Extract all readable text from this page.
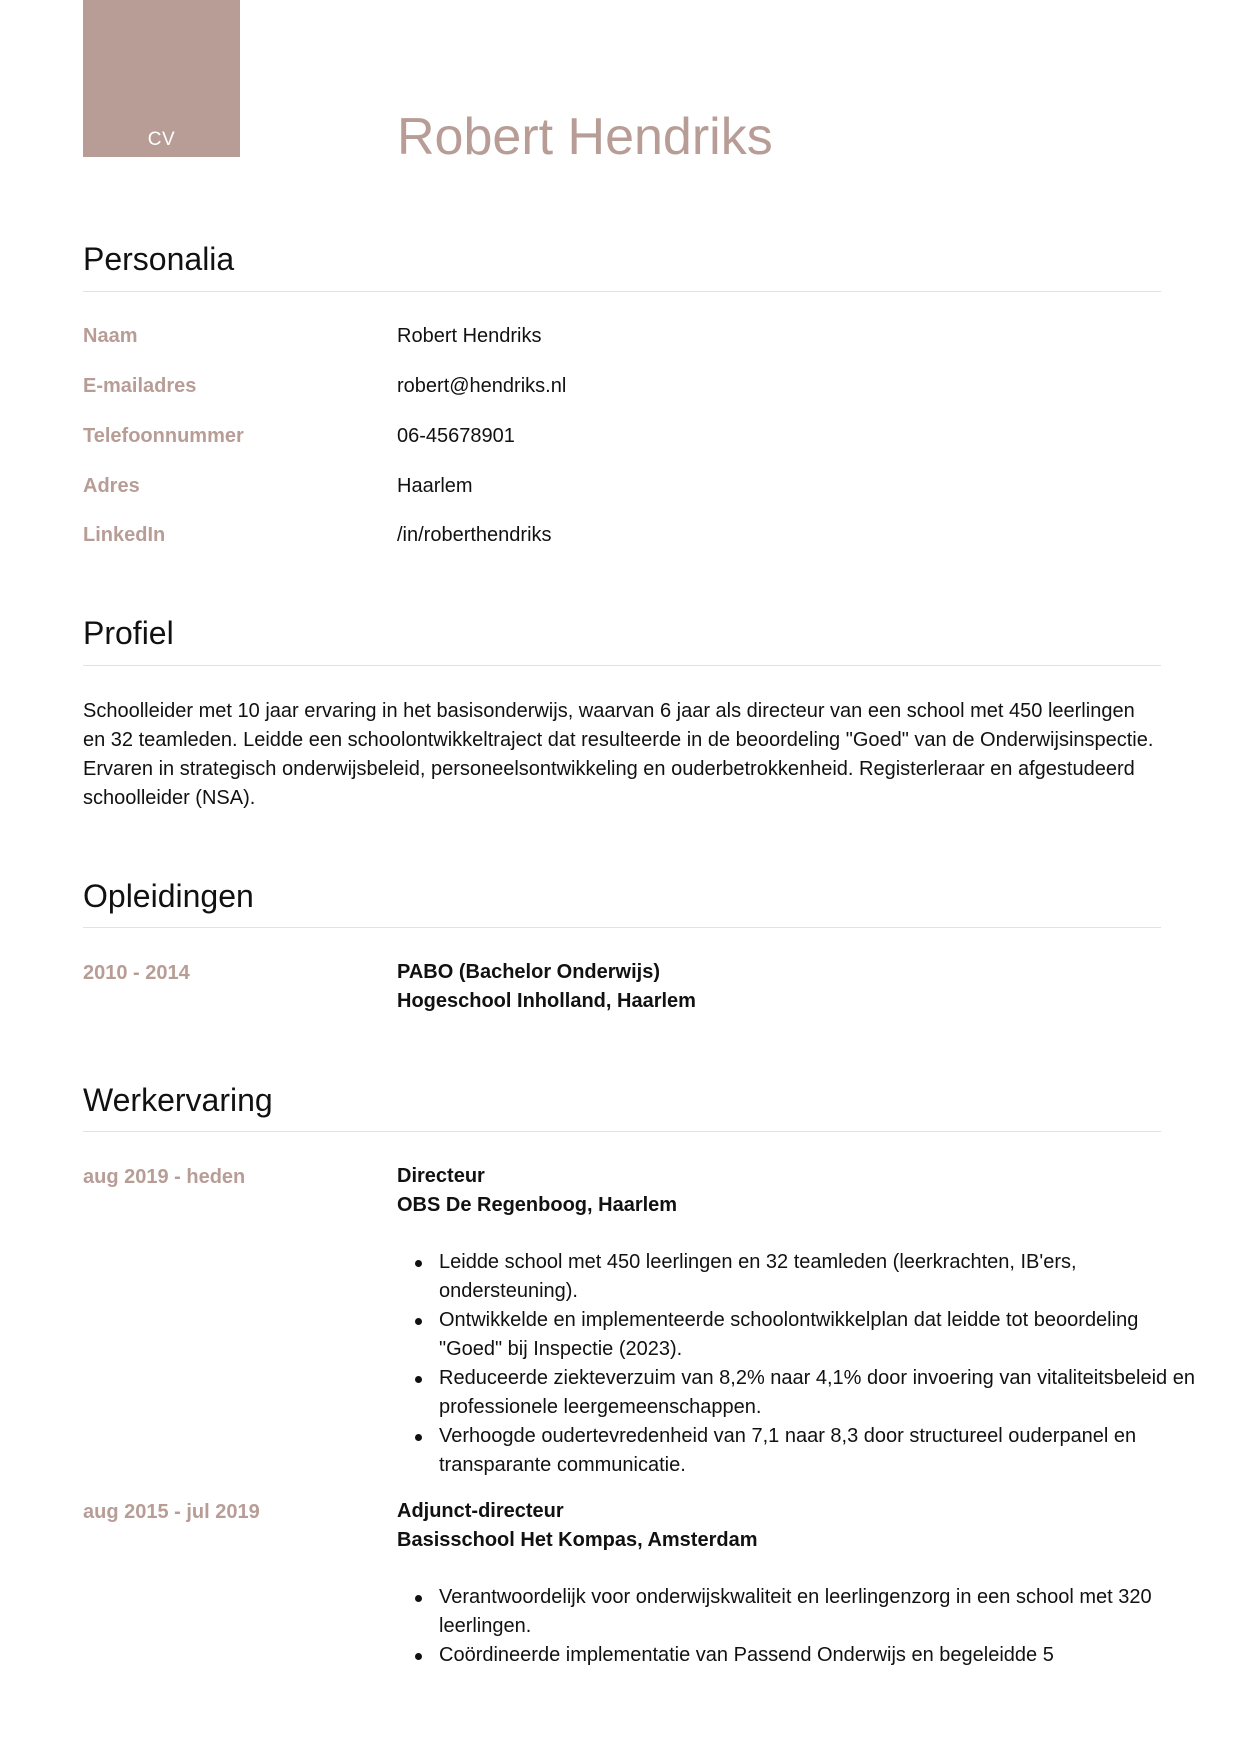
CV	Robert Hendriks
Personalia
Naam	Robert Hendriks
E-mailadres	robert@hendriks.nl
Telefoonnummer	06-45678901
Adres	Haarlem
LinkedIn	/in/roberthendriks
Profiel

Schoolleider met 10 jaar ervaring in het basisonderwijs, waarvan 6 jaar als directeur van een school met 450 leerlingen en 32 teamleden. Leidde een schoolontwikkeltraject dat resulteerde in de beoordeling "Goed" van de Onderwijsinspectie. Ervaren in strategisch onderwijsbeleid, personeelsontwikkeling en ouderbetrokkenheid. Registerleraar en afgestudeerd schoolleider (NSA).

Opleidingen
2010 - 2014	PABO (Bachelor Onderwijs)
Hogeschool Inholland, Haarlem
Werkervaring
aug 2019 - heden	Directeur
OBS De Regenboog, Haarlem
Leidde school met 450 leerlingen en 32 teamleden (leerkrachten, IB'ers, ondersteuning).
Ontwikkelde en implementeerde schoolontwikkelplan dat leidde tot beoordeling "Goed" bij Inspectie (2023).
Reduceerde ziekteverzuim van 8,2% naar 4,1% door invoering van vitaliteitsbeleid en professionele leergemeenschappen.
Verhoogde oudertevredenheid van 7,1 naar 8,3 door structureel ouderpanel en transparante communicatie.
aug 2015 - jul 2019	Adjunct-directeur
Basisschool Het Kompas, Amsterdam
Verantwoordelijk voor onderwijskwaliteit en leerlingenzorg in een school met 320 leerlingen.
Coördineerde implementatie van Passend Onderwijs en begeleidde 5
